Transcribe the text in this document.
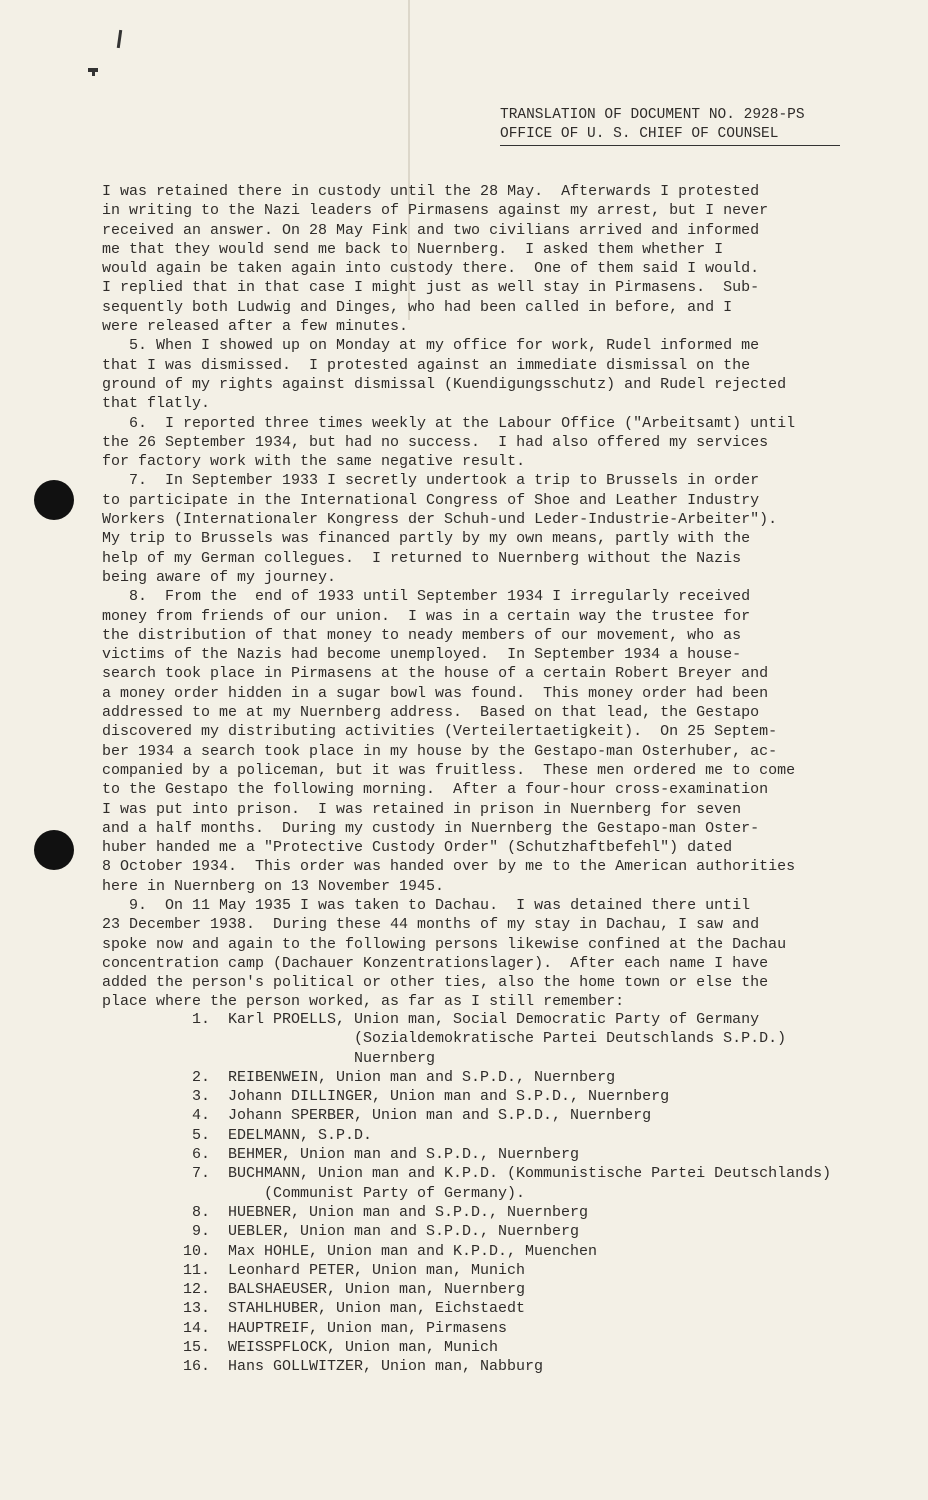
TRANSLATION OF DOCUMENT NO. 2928-PS
OFFICE OF U. S. CHIEF OF COUNSEL
I was retained there in custody until the 28 May.  Afterwards I protested
in writing to the Nazi leaders of Pirmasens against my arrest, but I never
received an answer. On 28 May Fink and two civilians arrived and informed
me that they would send me back to Nuernberg.  I asked them whether I
would again be taken again into custody there.  One of them said I would.
I replied that in that case I might just as well stay in Pirmasens.  Sub-
sequently both Ludwig and Dinges, who had been called in before, and I
were released after a few minutes.
5. When I showed up on Monday at my office for work, Rudel informed me
that I was dismissed.  I protested against an immediate dismissal on the
ground of my rights against dismissal (Kuendigungsschutz) and Rudel rejected
that flatly.
6.  I reported three times weekly at the Labour Office ("Arbeitsamt) until
the 26 September 1934, but had no success.  I had also offered my services
for factory work with the same negative result.
7.  In September 1933 I secretly undertook a trip to Brussels in order
to participate in the International Congress of Shoe and Leather Industry
Workers (Internationaler Kongress der Schuh-und Leder-Industrie-Arbeiter").
My trip to Brussels was financed partly by my own means, partly with the
help of my German collegues.  I returned to Nuernberg without the Nazis
being aware of my journey.
8.  From the  end of 1933 until September 1934 I irregularly received
money from friends of our union.  I was in a certain way the trustee for
the distribution of that money to neady members of our movement, who as
victims of the Nazis had become unemployed.  In September 1934 a house-
search took place in Pirmasens at the house of a certain Robert Breyer and
a money order hidden in a sugar bowl was found.  This money order had been
addressed to me at my Nuernberg address.  Based on that lead, the Gestapo
discovered my distributing activities (Verteilertaetigkeit).  On 25 Septem-
ber 1934 a search took place in my house by the Gestapo-man Osterhuber, ac-
companied by a policeman, but it was fruitless.  These men ordered me to come
to the Gestapo the following morning.  After a four-hour cross-examination
I was put into prison.  I was retained in prison in Nuernberg for seven
and a half months.  During my custody in Nuernberg the Gestapo-man Oster-
huber handed me a "Protective Custody Order" (Schutzhaftbefehl") dated
8 October 1934.  This order was handed over by me to the American authorities
here in Nuernberg on 13 November 1945.
9.  On 11 May 1935 I was taken to Dachau.  I was detained there until
23 December 1938.  During these 44 months of my stay in Dachau, I saw and
spoke now and again to the following persons likewise confined at the Dachau
concentration camp (Dachauer Konzentrationslager).  After each name I have
added the person's political or other ties, also the home town or else the
place where the person worked, as far as I still remember:
1. Karl PROELLS, Union man, Social Democratic Party of Germany
(Sozialdemokratische Partei Deutschlands S.P.D.)
Nuernberg
2. REIBENWEIN, Union man and S.P.D., Nuernberg
3. Johann DILLINGER, Union man and S.P.D., Nuernberg
4. Johann SPERBER, Union man and S.P.D., Nuernberg
5. EDELMANN, S.P.D.
6. BEHMER, Union man and S.P.D., Nuernberg
7. BUCHMANN, Union man and K.P.D. (Kommunistische Partei Deutschlands)
(Communist Party of Germany).
8. HUEBNER, Union man and S.P.D., Nuernberg
9. UEBLER, Union man and S.P.D., Nuernberg
10. Max HOHLE, Union man and K.P.D., Muenchen
11. Leonhard PETER, Union man, Munich
12. BALSHAEUSER, Union man, Nuernberg
13. STAHLHUBER, Union man, Eichstaedt
14. HAUPTREIF, Union man, Pirmasens
15. WEISSPFLOCK, Union man, Munich
16. Hans GOLLWITZER, Union man, Nabburg
